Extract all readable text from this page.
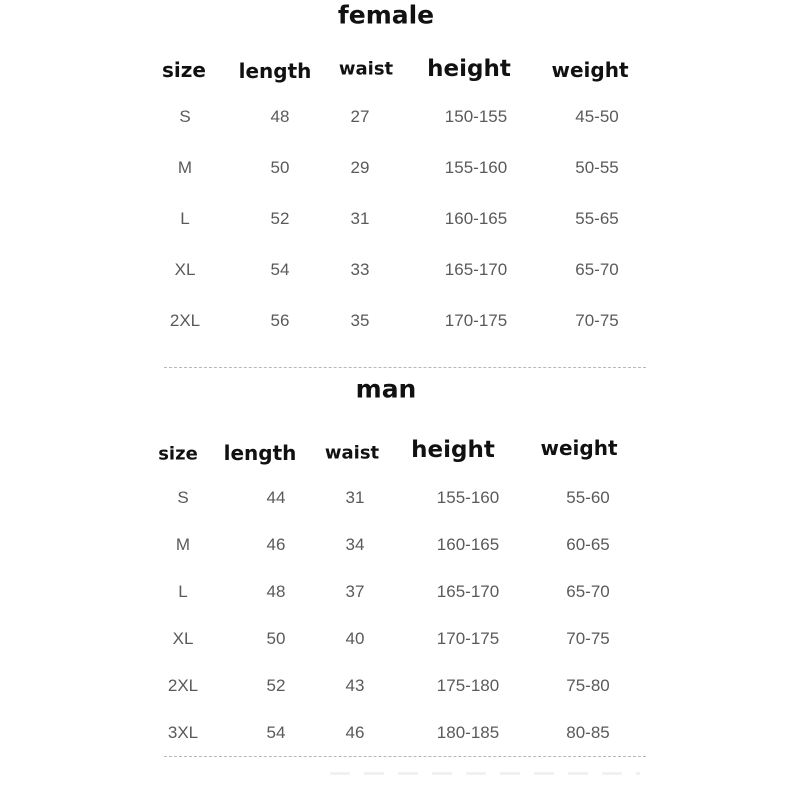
female
size length waist height weight
S	48	27	150-155	45-50
M	50	29	155-160	50-55
L	52	31	160-165	55-65
XL	54	33	165-170	65-70
2XL	56	35	170-175	70-75
man
size length waist height weight
S	44	31	155-160	55-60
M	46	34	160-165	60-65
L	48	37	165-170	65-70
XL	50	40	170-175	70-75
2XL	52	43	175-180	75-80
3XL	54	46	180-185	80-85
